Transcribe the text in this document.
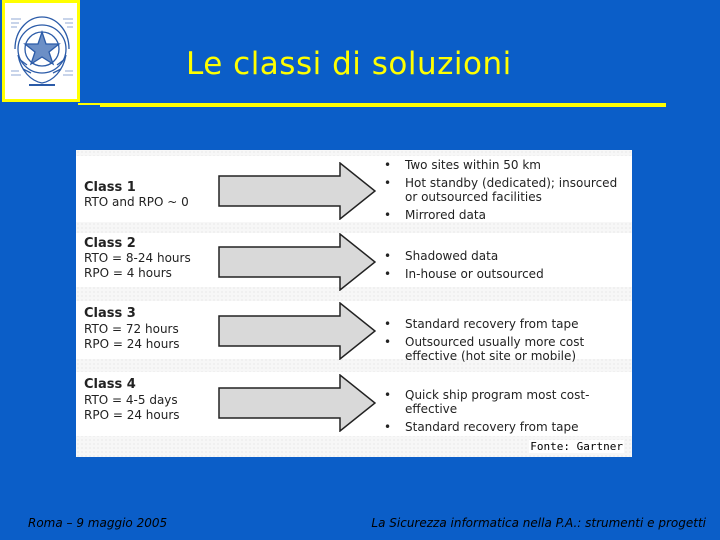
Le classi di soluzioni
Class 1
RTO and RPO ~ 0
• Two sites within 50 km
• Hot standby (dedicated); insourced or outsourced facilities
• Mirrored data
Class 2
RTO = 8-24 hours
RPO = 4 hours
• Shadowed data
• In-house or outsourced
Class 3
RTO = 72 hours
RPO = 24 hours
• Standard recovery from tape
• Outsourced usually more cost effective (hot site or mobile)
Class 4
RTO = 4-5 days
RPO = 24 hours
• Quick ship program most cost-effective
• Standard recovery from tape
Fonte: Gartner
Roma – 9 maggio 2005	La Sicurezza informatica nella P.A.: strumenti e progetti
